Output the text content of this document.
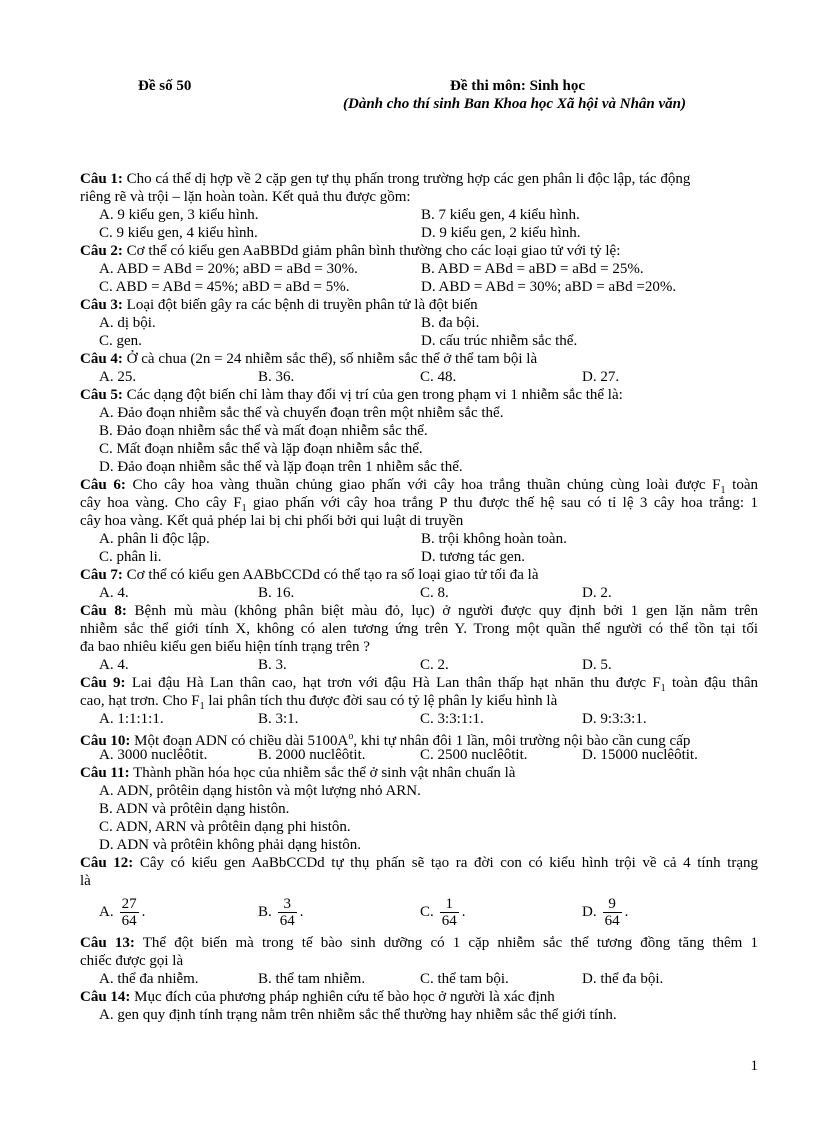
Đề số 50	Đề thi môn: Sinh học
(Dành cho thí sinh Ban Khoa học Xã hội và Nhân văn)
Câu 1: Cho cá thể dị hợp về 2 cặp gen tự thụ phấn trong trường hợp các gen phân li độc lập, tác động
riêng rẽ và trội – lặn hoàn toàn. Kết quả thu được gồm:
A. 9 kiểu gen, 3 kiểu hình.	B. 7 kiểu gen, 4 kiểu hình.
C. 9 kiểu gen, 4 kiểu hình.	D. 9 kiểu gen, 2 kiểu hình.
Câu 2: Cơ thể có kiểu gen AaBBDd giảm phân bình thường cho các loại giao tử với tỷ lệ:
A. ABD = ABd = 20%; aBD = aBd = 30%.	B. ABD = ABd = aBD = aBd = 25%.
C. ABD = ABd = 45%; aBD = aBd = 5%.	D. ABD = ABd = 30%; aBD = aBd =20%.
Câu 3: Loại đột biến gây ra các bệnh di truyền phân tử là đột biến
A. dị bội.	B. đa bội.
C. gen.	D. cấu trúc nhiễm sắc thể.
Câu 4: Ở cà chua (2n = 24 nhiễm sắc thể), số nhiễm sắc thể ở thể tam bội là
A. 25.	B. 36.	C. 48.	D. 27.
Câu 5: Các dạng đột biến chỉ làm thay đổi vị trí của gen trong phạm vi 1 nhiễm sắc thể là:
A. Đảo đoạn nhiễm sắc thể và chuyển đoạn trên một nhiễm sắc thể.
B. Đảo đoạn nhiễm sắc thể và mất đoạn nhiễm sắc thể.
C. Mất đoạn nhiễm sắc thể và lặp đoạn nhiễm sắc thể.
D. Đảo đoạn nhiễm sắc thể và lặp đoạn trên 1 nhiễm sắc thể.
Câu 6: Cho cây hoa vàng thuần chủng giao phấn với cây hoa trắng thuần chủng cùng loài được $F_1$ toàn
cây hoa vàng. Cho cây $F_1$ giao phấn với cây hoa trắng P thu được thế hệ sau có tỉ lệ 3 cây hoa trắng: 1
cây hoa vàng. Kết quả phép lai bị chi phối bởi qui luật di truyền
A. phân li độc lập.	B. trội không hoàn toàn.
C. phân li.	D. tương tác gen.
Câu 7: Cơ thể có kiểu gen AABbCCDd có thể tạo ra số loại giao tử tối đa là
A. 4.	B. 16.	C. 8.	D. 2.
Câu 8: Bệnh mù màu (không phân biệt màu đỏ, lục) ở người được quy định bởi 1 gen lặn nằm trên
nhiễm sắc thể giới tính X, không có alen tương ứng trên Y. Trong một quần thể người có thể tồn tại tối
đa bao nhiêu kiểu gen biểu hiện tính trạng trên ?
A. 4.	B. 3.	C. 2.	D. 5.
Câu 9: Lai đậu Hà Lan thân cao, hạt trơn với đậu Hà Lan thân thấp hạt nhăn thu được $F_1$ toàn đậu thân
cao, hạt trơn. Cho $F_1$ lai phân tích thu được đời sau có tỷ lệ phân ly kiểu hình là
A. 1:1:1:1.	B. 3:1.	C. 3:3:1:1.	D. 9:3:3:1.
Câu 10: Một đoạn ADN có chiều dài $5100A^o$, khi tự nhân đôi 1 lần, môi trường nội bào cần cung cấp
A. 3000 nuclêôtit.	B. 2000 nuclêôtit.	C. 2500 nuclêôtit.	D. 15000 nuclêôtit.
Câu 11: Thành phần hóa học của nhiễm sắc thể ở sinh vật nhân chuẩn là
A. ADN, prôtêin dạng histôn và một lượng nhỏ ARN.
B. ADN và prôtêin dạng histôn.
C. ADN, ARN và prôtêin dạng phi histôn.
D. ADN và prôtêin không phải dạng histôn.
Câu 12: Cây có kiểu gen AaBbCCDd tự thụ phấn sẽ tạo ra đời con có kiểu hình trội về cả 4 tính trạng
là
A. $\frac{27}{64}$ .	B. $\frac{3}{64}$ .	C. $\frac{1}{64}$ .	D. $\frac{9}{64}$ .
Câu 13: Thể đột biến mà trong tế bào sinh dưỡng có 1 cặp nhiễm sắc thể tương đồng tăng thêm 1
chiếc được gọi là
A. thể đa nhiễm.	B. thể tam nhiễm.	C. thể tam bội.	D. thể đa bội.
Câu 14: Mục đích của phương pháp nghiên cứu tế bào học ở người là xác định
A. gen quy định tính trạng nằm trên nhiễm sắc thể thường hay nhiễm sắc thể giới tính.
1
